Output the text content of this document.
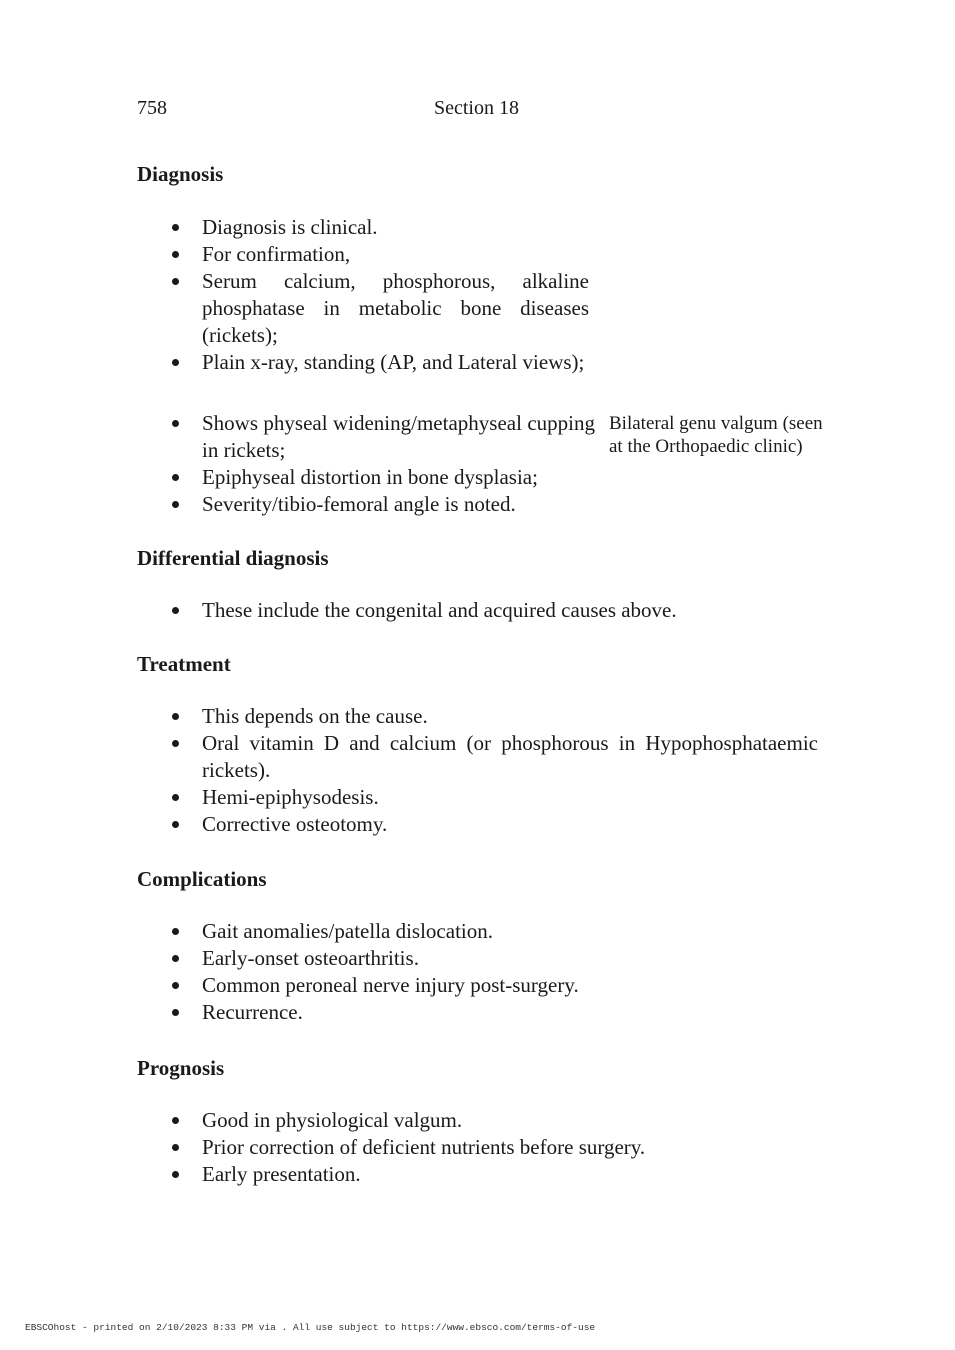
758	Section 18
Diagnosis
Diagnosis is clinical.
For confirmation,
Serum calcium, phosphorous, alkaline phosphatase in metabolic bone diseases (rickets);
Plain x-ray, standing (AP, and Lateral views);
Shows physeal widening/metaphyseal cupping in rickets;
Epiphyseal distortion in bone dysplasia;
Severity/tibio-femoral angle is noted.
Bilateral genu valgum (seen at the Orthopaedic clinic)
Differential diagnosis
These include the congenital and acquired causes above.
Treatment
This depends on the cause.
Oral vitamin D and calcium (or phosphorous in Hypophosphataemic rickets).
Hemi-epiphysodesis.
Corrective osteotomy.
Complications
Gait anomalies/patella dislocation.
Early-onset osteoarthritis.
Common peroneal nerve injury post-surgery.
Recurrence.
Prognosis
Good in physiological valgum.
Prior correction of deficient nutrients before surgery.
Early presentation.
EBSCOhost - printed on 2/10/2023 8:33 PM via . All use subject to https://www.ebsco.com/terms-of-use
